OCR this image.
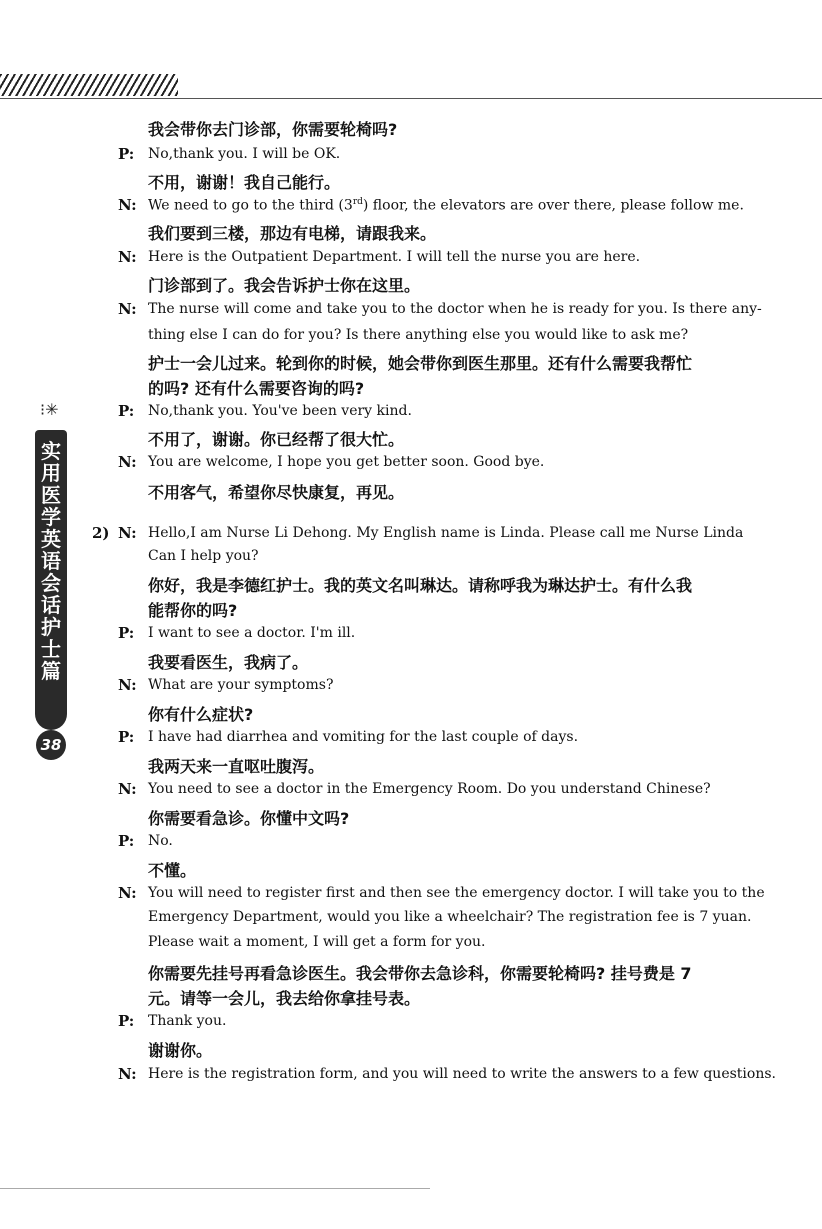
⁝✳
实用医学英语会话 护士篇
38
我会带你去门诊部，你需要轮椅吗?
P: No,thank you. I will be OK.
不用，谢谢！我自己能行。
N: We need to go to the third (3rd) floor, the elevators are over there, please follow me.
我们要到三楼，那边有电梯，请跟我来。
N: Here is the Outpatient Department. I will tell the nurse you are here.
门诊部到了。我会告诉护士你在这里。
N: The nurse will come and take you to the doctor when he is ready for you. Is there any-
thing else I can do for you? Is there anything else you would like to ask me?
护士一会儿过来。轮到你的时候，她会带你到医生那里。还有什么需要我帮忙
的吗? 还有什么需要咨询的吗?
P: No,thank you. You've been very kind.
不用了，谢谢。你已经帮了很大忙。
N: You are welcome, I hope you get better soon. Good bye.
不用客气，希望你尽快康复，再见。
2) N: Hello,I am Nurse Li Dehong. My English name is Linda. Please call me Nurse Linda
Can I help you?
你好，我是李德红护士。我的英文名叫琳达。请称呼我为琳达护士。有什么我
能帮你的吗?
P: I want to see a doctor. I'm ill.
我要看医生，我病了。
N: What are your symptoms?
你有什么症状?
P: I have had diarrhea and vomiting for the last couple of days.
我两天来一直呕吐腹泻。
N: You need to see a doctor in the Emergency Room. Do you understand Chinese?
你需要看急诊。你懂中文吗?
P: No.
不懂。
N: You will need to register first and then see the emergency doctor. I will take you to the
Emergency Department, would you like a wheelchair? The registration fee is 7 yuan.
Please wait a moment, I will get a form for you.
你需要先挂号再看急诊医生。我会带你去急诊科，你需要轮椅吗? 挂号费是 7
元。请等一会儿，我去给你拿挂号表。
P: Thank you.
谢谢你。
N: Here is the registration form, and you will need to write the answers to a few questions.
